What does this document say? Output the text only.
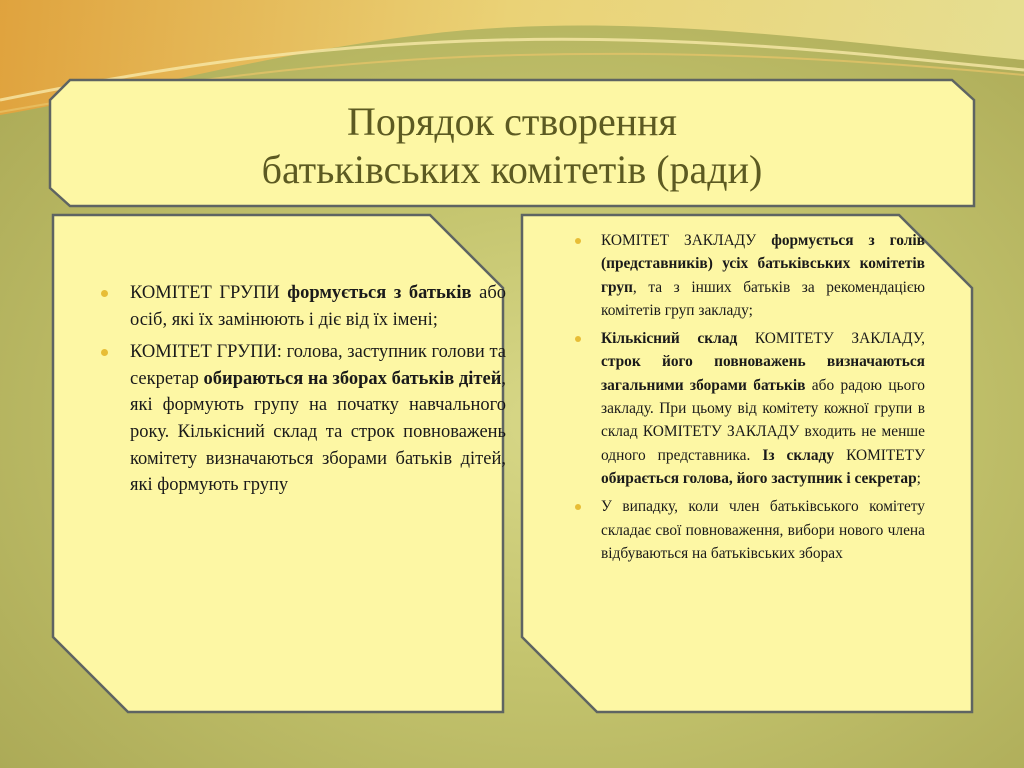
Порядок створення
батьківських комітетів (ради)
КОМІТЕТ ГРУПИ формується з батьків або осіб, які їх замінюють і діє від їх імені;
КОМІТЕТ ГРУПИ: голова, заступник голови та секретар обираються на зборах батьків дітей, які формують групу на початку навчального року. Кількісний склад та строк повноважень комітету визначаються зборами батьків дітей, які формують групу
КОМІТЕТ ЗАКЛАДУ формується з голів (представників) усіх батьківських комітетів груп, та з інших батьків за рекомендацією комітетів груп закладу;
Кількісний склад КОМІТЕТУ ЗАКЛАДУ, строк його повноважень визначаються загальними зборами батьків або радою цього закладу. При цьому від комітету кожної групи в склад КОМІТЕТУ ЗАКЛАДУ входить не менше одного представника. Із складу КОМІТЕТУ обирається голова, його заступник і секретар;
У випадку, коли член батьківського комітету складає свої повноваження, вибори нового члена відбуваються на батьківських зборах
